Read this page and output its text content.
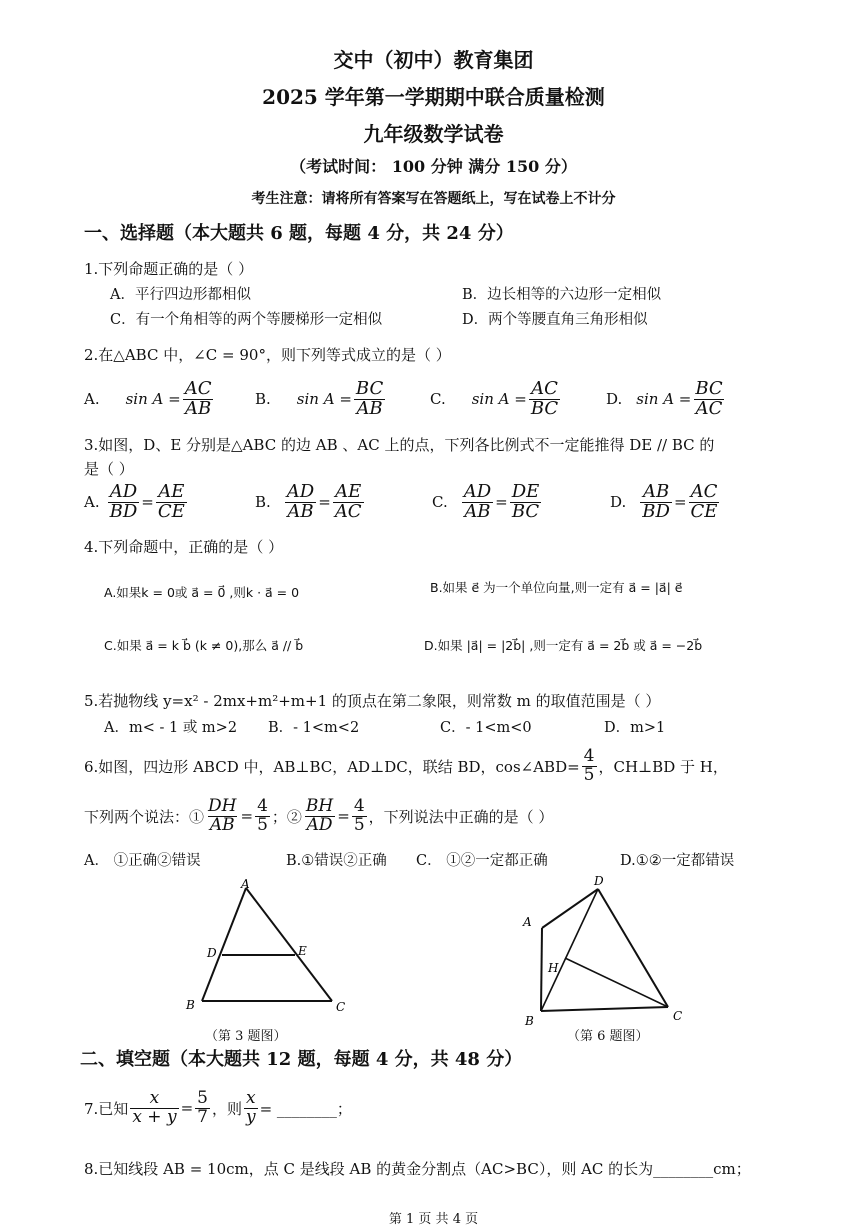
交中（初中）教育集团
2025 学年第一学期期中联合质量检测
九年级数学试卷
（考试时间： 100 分钟 满分 150 分）
考生注意：请将所有答案写在答题纸上，写在试卷上不计分
一、选择题（本大题共 6 题，每题 4 分，共 24 分）
1.下列命题正确的是（ ）
A．平行四边形都相似	B．边长相等的六边形一定相似
C．有一个角相等的两个等腰梯形一定相似	D．两个等腰直角三角形相似
2.在△ABC 中，∠C = 90°，则下列等式成立的是（ ）
A. $\sin A = \frac{AC}{AB}$	B. $\sin A = \frac{BC}{AB}$	C. $\sin A = \frac{AC}{BC}$	D. $\sin A = \frac{BC}{AC}$
3.如图，D、E 分别是△ABC 的边 AB 、AC 上的点，下列各比例式不一定能推得 DE // BC 的
是（ ）
A. $\frac{AD}{BD} = \frac{AE}{CE}$	B. $\frac{AD}{AB} = \frac{AE}{AC}$	C. $\frac{AD}{AB} = \frac{DE}{BC}$	D. $\frac{AB}{BD} = \frac{AC}{CE}$
4.下列命题中，正确的是（ ）
A.如果k = 0或 a⃗ = 0⃗ ,则k · a⃗ = 0	B.如果 e⃗ 为一个单位向量,则一定有 a⃗ = |a⃗| e⃗
C.如果 a⃗ = k b⃗ (k ≠ 0),那么 a⃗ // b⃗	D.如果 |a⃗| = |2b⃗| ,则一定有 a⃗ = 2b⃗ 或 a⃗ = −2b⃗
5.若抛物线 y=x² - 2mx+m²+m+1 的顶点在第二象限，则常数 m 的取值范围是（ ）
A．m< - 1 或 m>2 B．- 1<m<2	C．- 1<m<0	D．m>1
6.如图，四边形 ABCD 中，AB⊥BC，AD⊥DC，联结 BD，cos∠ABD= $\frac{4}{5}$ ，CH⊥BD 于 H，
下列两个说法：① $\frac{DH}{AB} = \frac{4}{5}$ ；② $\frac{BH}{AD} = \frac{4}{5}$ ，下列说法中正确的是（ ）
A． ①正确②错误	B.①错误②正确 C． ①②一定都正确	D.①②一定都错误
A
D	E
B	C
（第 3 题图）
A
D
H
B	C
（第 6 题图）
二、填空题（本大题共 12 题，每题 4 分，共 48 分）
7.已知 $\frac{x}{x + y} = \frac{5}{7}$ ，则 $\frac{x}{y}$ = ________；
8.已知线段 AB = 10cm，点 C 是线段 AB 的黄金分割点（AC>BC），则 AC 的长为________cm；
第 1 页 共 4 页
